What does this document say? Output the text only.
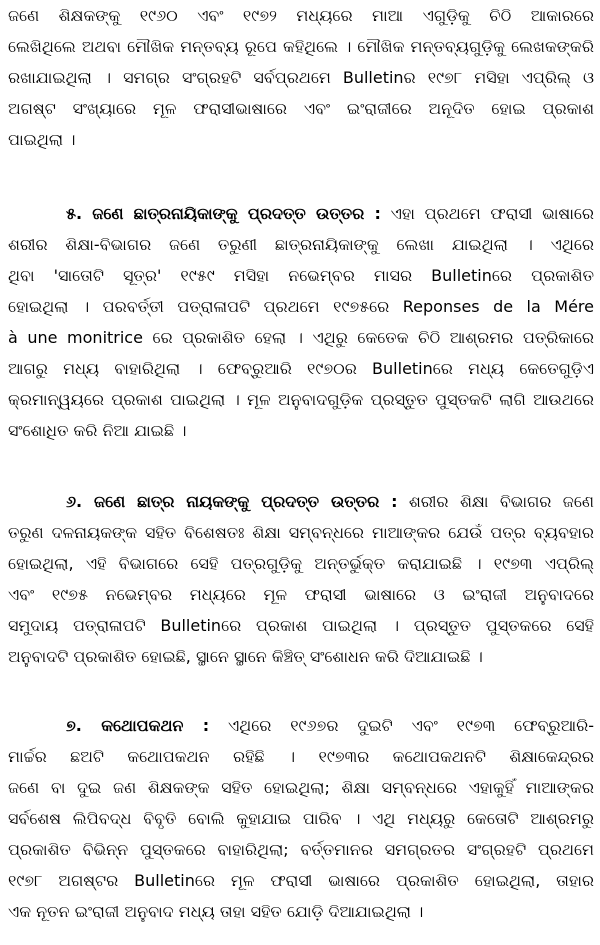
ଜଣେ ଶିକ୍ଷକଙ୍କୁ ୧୯୬୦ ଏବଂ ୧୯୭୨ ମଧ୍ୟରେ ମାଆ ଏଗୁଡ଼ିକୁ ଚିଠି ଆକାରରେ
ଲେଖିଥିଲେ ଅଥବା ମୌଖିକ ମନ୍ତବ୍ୟ ରୂପେ କହିଥିଲେ । ମୌଖିକ ମନ୍ତବ୍ୟଗୁଡ଼ିକୁ ଲେଖକଙ୍କରି
ରଖାଯାଇଥିଲା । ସମଗ୍ର ସଂଗ୍ରହଟି ସର୍ବପ୍ରଥମେ Bulletinର ୧୯୭୮ ମସିହା ଏପ୍ରିଲ୍ ଓ
ଅଗଷ୍ଟ ସଂଖ୍ୟାରେ ମୂଳ ଫରାସୀଭାଷାରେ ଏବଂ ଇଂରାଜୀରେ ଅନୂଦିତ ହୋଇ ପ୍ରକାଶ
ପାଇଥିଲା ।
୫. ଜଣେ ଛାତ୍ରନାୟିକାଙ୍କୁ ପ୍ରଦତ୍ତ ଉତ୍ତର : ଏହା ପ୍ରଥମେ ଫରାସୀ ଭାଷାରେ
ଶରୀର ଶିକ୍ଷା-ବିଭାଗର ଜଣେ ତରୁଣୀ ଛାତ୍ରନାୟିକାଙ୍କୁ ଲେଖା ଯାଇଥିଲା । ଏଥିରେ
ଥିବା 'ସାତୋଟି ସୂତ୍ର' ୧୯୫୯ ମସିହା ନଭେମ୍ବର ମାସର Bulletinରେ ପ୍ରକାଶିତ
ହୋଇଥିଲା । ପରବର୍ତ୍ତୀ ପତ୍ରାଳାପଟି ପ୍ରଥମେ ୧୯୭୫ରେ Reponses de la Mére
à une monitrice ରେ ପ୍ରକାଶିତ ହେଲା । ଏଥିରୁ କେତେକ ଚିଠି ଆଶ୍ରମର ପତ୍ରିକାରେ
ଆଗରୁ ମଧ୍ୟ ବାହାରିଥିଲା । ଫେବ୍ରୁଆରି ୧୯୭୦ର Bulletinରେ ମଧ୍ୟ କେତେଗୁଡ଼ିଏ
କ୍ରମାନ୍ୱୟରେ ପ୍ରକାଶ ପାଇଥିଲା । ମୂଳ ଅନୁବାଦଗୁଡ଼ିକ ପ୍ରସ୍ତୁତ ପୁସ୍ତକଟି ଲାଗି ଆଉଥରେ
ସଂଶୋଧିତ କରି ନିଆ ଯାଇଛି ।
୬. ଜଣେ ଛାତ୍ର ନାୟକଙ୍କୁ ପ୍ରଦତ୍ତ ଉତ୍ତର : ଶରୀର ଶିକ୍ଷା ବିଭାଗର ଜଣେ
ତରୁଣ ଦଳନାୟକଙ୍କ ସହିତ ବିଶେଷତଃ ଶିକ୍ଷା ସମ୍ବନ୍ଧରେ ମାଆଙ୍କର ଯେଉଁ ପତ୍ର ବ୍ୟବହାର
ହୋଇଥିଲା, ଏହି ବିଭାଗରେ ସେହି ପତ୍ରଗୁଡ଼ିକୁ ଅନ୍ତର୍ଭୁକ୍ତ କରାଯାଇଛି । ୧୯୭୩ ଏପ୍ରିଲ୍
ଏବଂ ୧୯୭୫ ନଭେମ୍ବର ମଧ୍ୟରେ ମୂଳ ଫରାସୀ ଭାଷାରେ ଓ ଇଂରାଜୀ ଅନୁବାଦରେ
ସମୁଦାୟ ପତ୍ରାଳାପଟି Bulletinରେ ପ୍ରକାଶ ପାଇଥିଲା । ପ୍ରସ୍ତୁତ ପୁସ୍ତକରେ ସେହି
ଅନୁବାଦଟି ପ୍ରକାଶିତ ହୋଇଛି, ସ୍ଥାନେ ସ୍ଥାନେ କିଞ୍ଚିତ୍ ସଂଶୋଧନ କରି ଦିଆଯାଇଛି ।
୭. କଥୋପକଥନ : ଏଥିରେ ୧୯୬୭ର ଦୁଇଟି ଏବଂ ୧୯୭୩ ଫେବ୍ରୁଆରି-
ମାର୍ଚ୍ଚର ଛଅଟି କଥୋପକଥନ ରହିଛି । ୧୯୭୩ର କଥୋପକଥନଟି ଶିକ୍ଷାକେନ୍ଦ୍ରର
ଜଣେ ବା ଦୁଇ ଜଣ ଶିକ୍ଷକଙ୍କ ସହିତ ହୋଇଥିଲା; ଶିକ୍ଷା ସମ୍ବନ୍ଧରେ ଏହାକୁହିଁ ମାଆଙ୍କର
ସର୍ବଶେଷ ଲିପିବଦ୍ଧ ବିବୃତି ବୋଲି କୁହାଯାଇ ପାରିବ । ଏଥି ମଧ୍ୟରୁ କେତୋଟି ଆଶ୍ରମରୁ
ପ୍ରକାଶିତ ବିଭିନ୍ନ ପୁସ୍ତକରେ ବାହାରିଥିଲା; ବର୍ତ୍ତମାନର ସମଗ୍ରତର ସଂଗ୍ରହଟି ପ୍ରଥମେ
୧୯୭୮ ଅଗଷ୍ଟର Bulletinରେ ମୂଳ ଫରାସୀ ଭାଷାରେ ପ୍ରକାଶିତ ହୋଇଥିଲା, ତାହାର
ଏକ ନୂତନ ଇଂରାଜୀ ଅନୁବାଦ ମଧ୍ୟ ତାହା ସହିତ ଯୋଡ଼ି ଦିଆଯାଇଥିଲା ।
